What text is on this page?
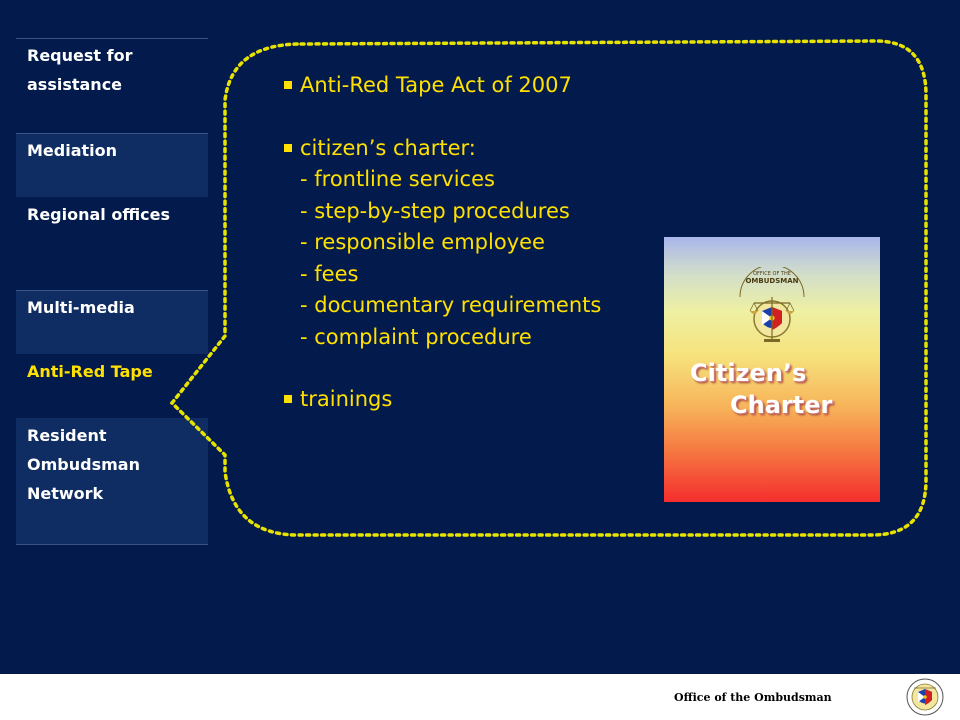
Request for assistance
Mediation
Regional offices
Multi-media
Anti-Red Tape
Resident Ombudsman Network
Anti-Red Tape Act of 2007
citizen’s charter:
- frontline services
- step-by-step procedures
- responsible employee
- fees
- documentary requirements
- complaint procedure
trainings
OMBUDSMAN
OFFICE OF THE
Citizen’s
Charter
Office of the Ombudsman
